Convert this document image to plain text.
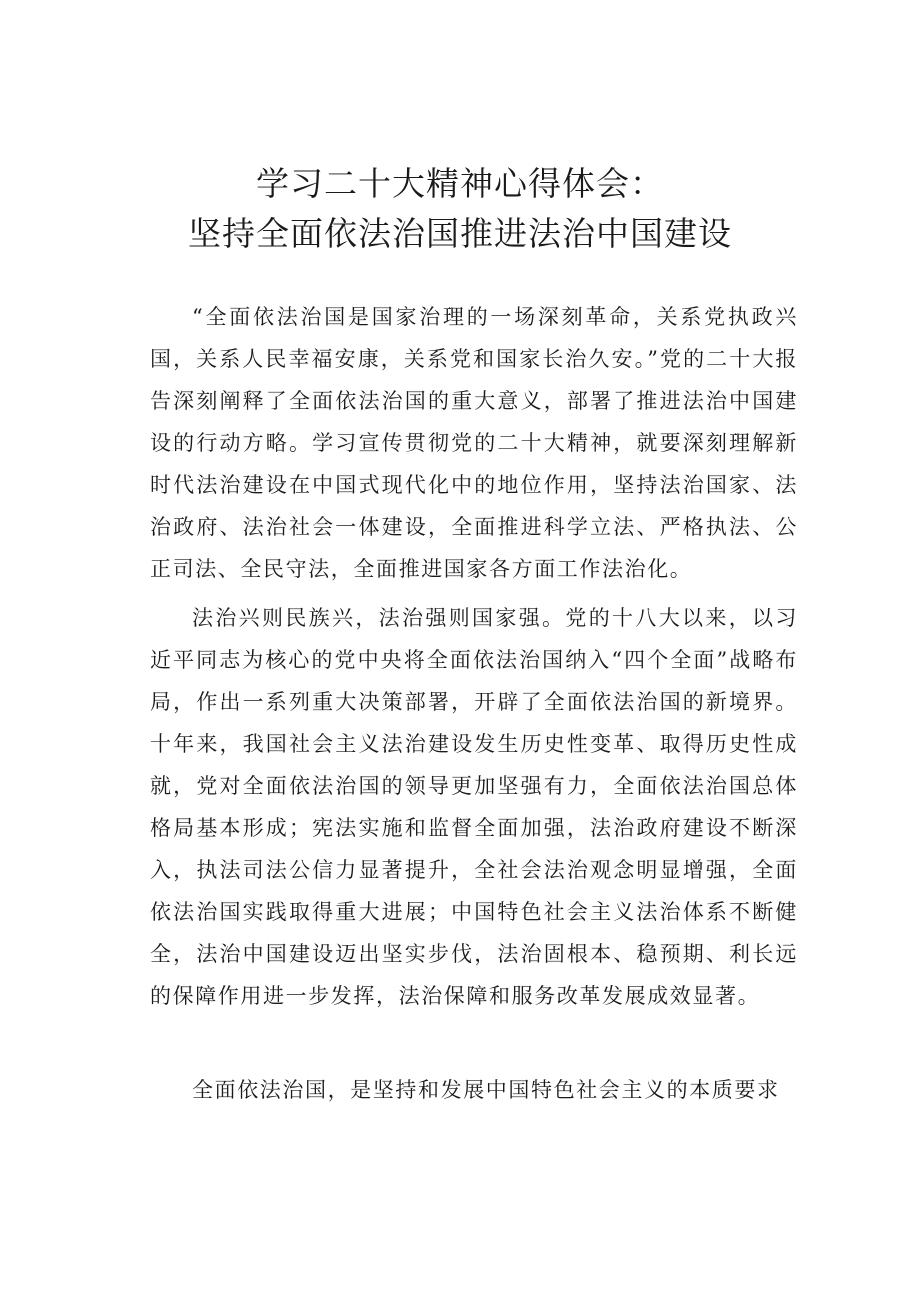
学习二十大精神心得体会：
坚持全面依法治国推进法治中国建设

“全面依法治国是国家治理的一场深刻革命，关系党执政兴国，关系人民幸福安康，关系党和国家长治久安。”党的二十大报告深刻阐释了全面依法治国的重大意义，部署了推进法治中国建设的行动方略。学习宣传贯彻党的二十大精神，就要深刻理解新时代法治建设在中国式现代化中的地位作用，坚持法治国家、法治政府、法治社会一体建设，全面推进科学立法、严格执法、公正司法、全民守法，全面推进国家各方面工作法治化。

法治兴则民族兴，法治强则国家强。党的十八大以来，以习近平同志为核心的党中央将全面依法治国纳入“四个全面”战略布局，作出一系列重大决策部署，开辟了全面依法治国的新境界。十年来，我国社会主义法治建设发生历史性变革、取得历史性成就，党对全面依法治国的领导更加坚强有力，全面依法治国总体格局基本形成；宪法实施和监督全面加强，法治政府建设不断深入，执法司法公信力显著提升，全社会法治观念明显增强，全面依法治国实践取得重大进展；中国特色社会主义法治体系不断健全，法治中国建设迈出坚实步伐，法治固根本、稳预期、利长远的保障作用进一步发挥，法治保障和服务改革发展成效显著。

全面依法治国，是坚持和发展中国特色社会主义的本质要求
